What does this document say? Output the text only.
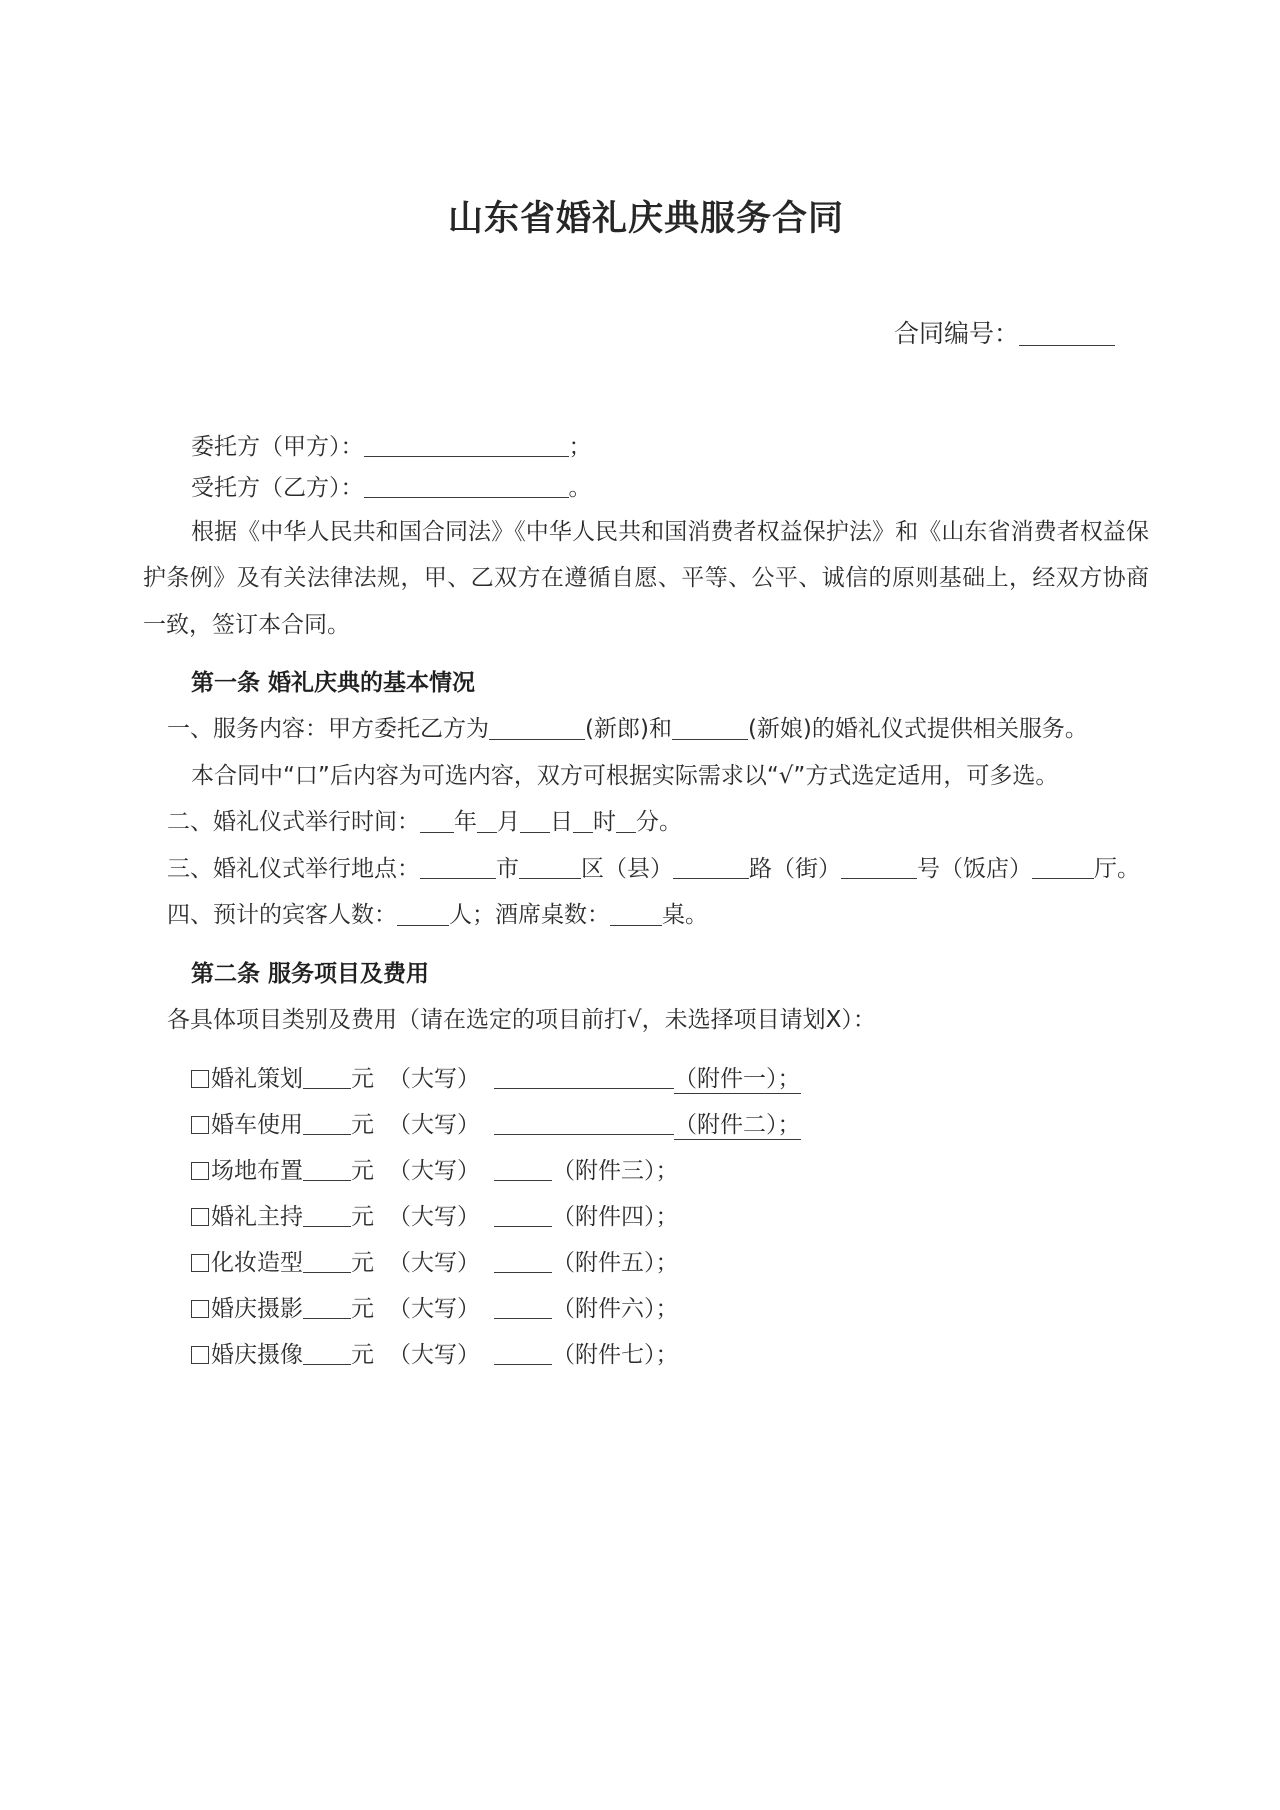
山东省婚礼庆典服务合同
合同编号：
委托方（甲方）：	；
受托方（乙方）：	。

根据《中华人民共和国合同法》《中华人民共和国消费者权益保护法》和《山东省消费者权益保护条例》及有关法律法规，甲、乙双方在遵循自愿、平等、公平、诚信的原则基础上，经双方协商一致，签订本合同。

第一条 婚礼庆典的基本情况

一、服务内容：甲方委托乙方为	(新郎)和	(新娘)的婚礼仪式提供相关服务。

本合同中“口”后内容为可选内容，双方可根据实际需求以“√”方式选定适用，可多选。

二、婚礼仪式举行时间： 年 月 日 时 分。

三、婚礼仪式举行地点：	市	区（县）	路（街）	号（饭店）	厅。

四、预计的宾客人数： 人；酒席桌数： 桌。

第二条 服务项目及费用

各具体项目类别及费用（请在选定的项目前打√，未选择项目请划X）：

婚礼策划 元 （大写）	（附件一）；
婚车使用 元 （大写）	（附件二）；
场地布置 元 （大写）	（附件三）；
婚礼主持 元 （大写）	（附件四）；
化妆造型 元 （大写）	（附件五）；
婚庆摄影 元 （大写）	（附件六）；
婚庆摄像 元 （大写）	（附件七）；
